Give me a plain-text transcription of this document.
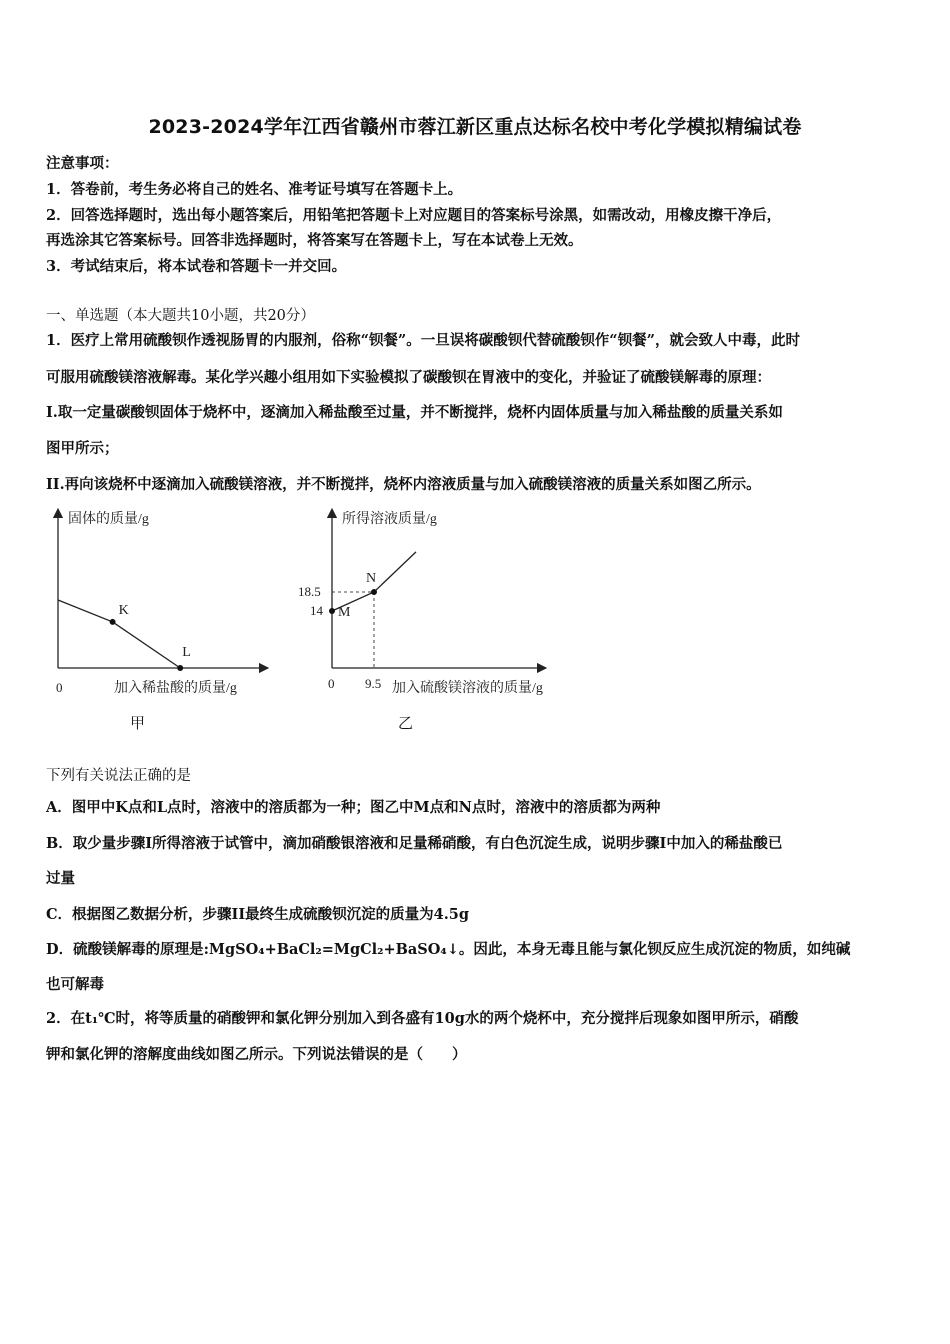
2023-2024学年江西省赣州市蓉江新区重点达标名校中考化学模拟精编试卷
注意事项：
1．答卷前，考生务必将自己的姓名、准考证号填写在答题卡上。
2．回答选择题时，选出每小题答案后，用铅笔把答题卡上对应题目的答案标号涂黑，如需改动，用橡皮擦干净后，
再选涂其它答案标号。回答非选择题时，将答案写在答题卡上，写在本试卷上无效。
3．考试结束后，将本试卷和答题卡一并交回。
一、单选题（本大题共10小题，共20分）
1．医疗上常用硫酸钡作透视肠胃的内服剂，俗称“钡餐”。一旦误将碳酸钡代替硫酸钡作“钡餐”，就会致人中毒，此时
可服用硫酸镁溶液解毒。某化学兴趣小组用如下实验模拟了碳酸钡在胃液中的变化，并验证了硫酸镁解毒的原理：
I.取一定量碳酸钡固体于烧杯中，逐滴加入稀盐酸至过量，并不断搅拌，烧杯内固体质量与加入稀盐酸的质量关系如
图甲所示；
II.再向该烧杯中逐滴加入硫酸镁溶液，并不断搅拌，烧杯内溶液质量与加入硫酸镁溶液的质量关系如图乙所示。
固体的质量/g
0	加入稀盐酸的质量/g
K
L
甲
所得溶液质量/g
0 9.5 加入硫酸镁溶液的质量/g
18.5
14 M
N
乙
下列有关说法正确的是
A．图甲中K点和L点时，溶液中的溶质都为一种；图乙中M点和N点时，溶液中的溶质都为两种
B．取少量步骤I所得溶液于试管中，滴加硝酸银溶液和足量稀硝酸，有白色沉淀生成，说明步骤I中加入的稀盐酸已
过量
C．根据图乙数据分析，步骤II最终生成硫酸钡沉淀的质量为4.5g
D．硫酸镁解毒的原理是:MgSO₄+BaCl₂=MgCl₂+BaSO₄↓。因此，本身无毒且能与氯化钡反应生成沉淀的物质，如纯碱
也可解毒
2．在t₁℃时，将等质量的硝酸钾和氯化钾分别加入到各盛有10g水的两个烧杯中，充分搅拌后现象如图甲所示，硝酸
钾和氯化钾的溶解度曲线如图乙所示。下列说法错误的是（　　）
